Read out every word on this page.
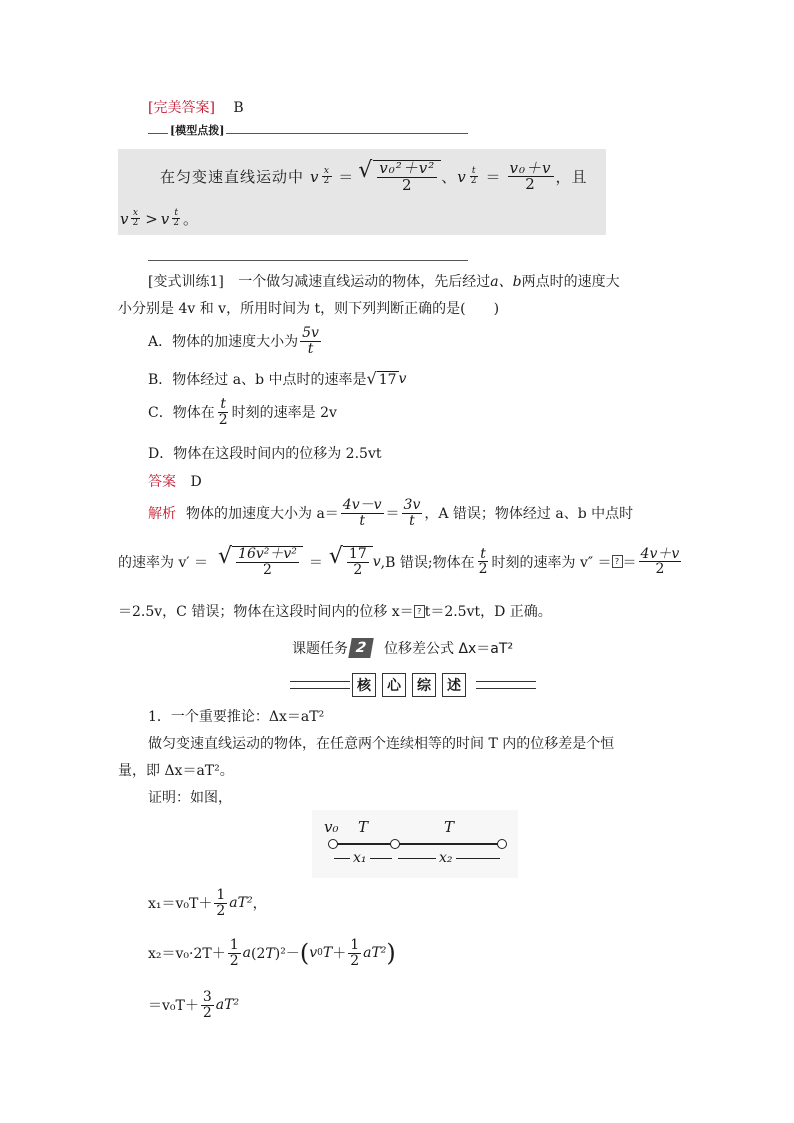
[完美答案] B
[模型点拨]
在匀变速直线运动中 v $\frac{x}{2}$ ＝ √ $\frac{\text{v₀²＋v²}}{2}$ 、 v $\frac{t}{2} = \frac{\text{v₀＋v}}{2}$ ， 且
v $\frac{x}{2} > v \frac{t}{2}$ 。
[变式训练1] 一个做匀减速直线运动的物体，先后经过a、b两点时的速度大
小分别是 4v 和 v，所用时间为 t，则下列判断正确的是(　　)
A．物体的加速度大小为 $\frac{5v}{t}$
B．物体经过 a、b 中点时的速率是 √ 17 v
C．物体在 $\frac{t}{2}$ 时刻的速率是 2v
D．物体在这段时间内的位移为 2.5vt
答案 D
解析 物体的加速度大小为 $a= \frac{4v-v}{t} = \frac{3v}{t}$ ，A 错误；物体经过 a、b 中点时
的速率为 v′ ＝ √ $\frac{\text{16v²＋v²}}{2}$ ＝ √ $\frac{17}{2}$ v ,B 错误;物体在 $\frac{t}{2}$ 时刻的速率为 v″ ＝ ? ＝ $\frac{4v+v}{2}$
＝2.5v，C 错误；物体在这段时间内的位移 x＝ ? t＝2.5vt，D 正确。
课题任务 2	位移差公式 Δx＝aT²
核	心	综	述
1．一个重要推论：Δx＝aT²
做匀变速直线运动的物体，在任意两个连续相等的时间 T 内的位移差是个恒
量，即 Δx＝aT²。
证明：如图，
v₀ T	T
x₁	x₂
$x_1=v_0T+ \frac{1}{2} aT^2$ ，
$x_2=v_0\cdot 2T+ \frac{1}{2}$ a (2T)²－ ( v 0 $T + \frac{1}{2} aT^2$ )
$=v_0T+ \frac{3}{2} aT^2$
